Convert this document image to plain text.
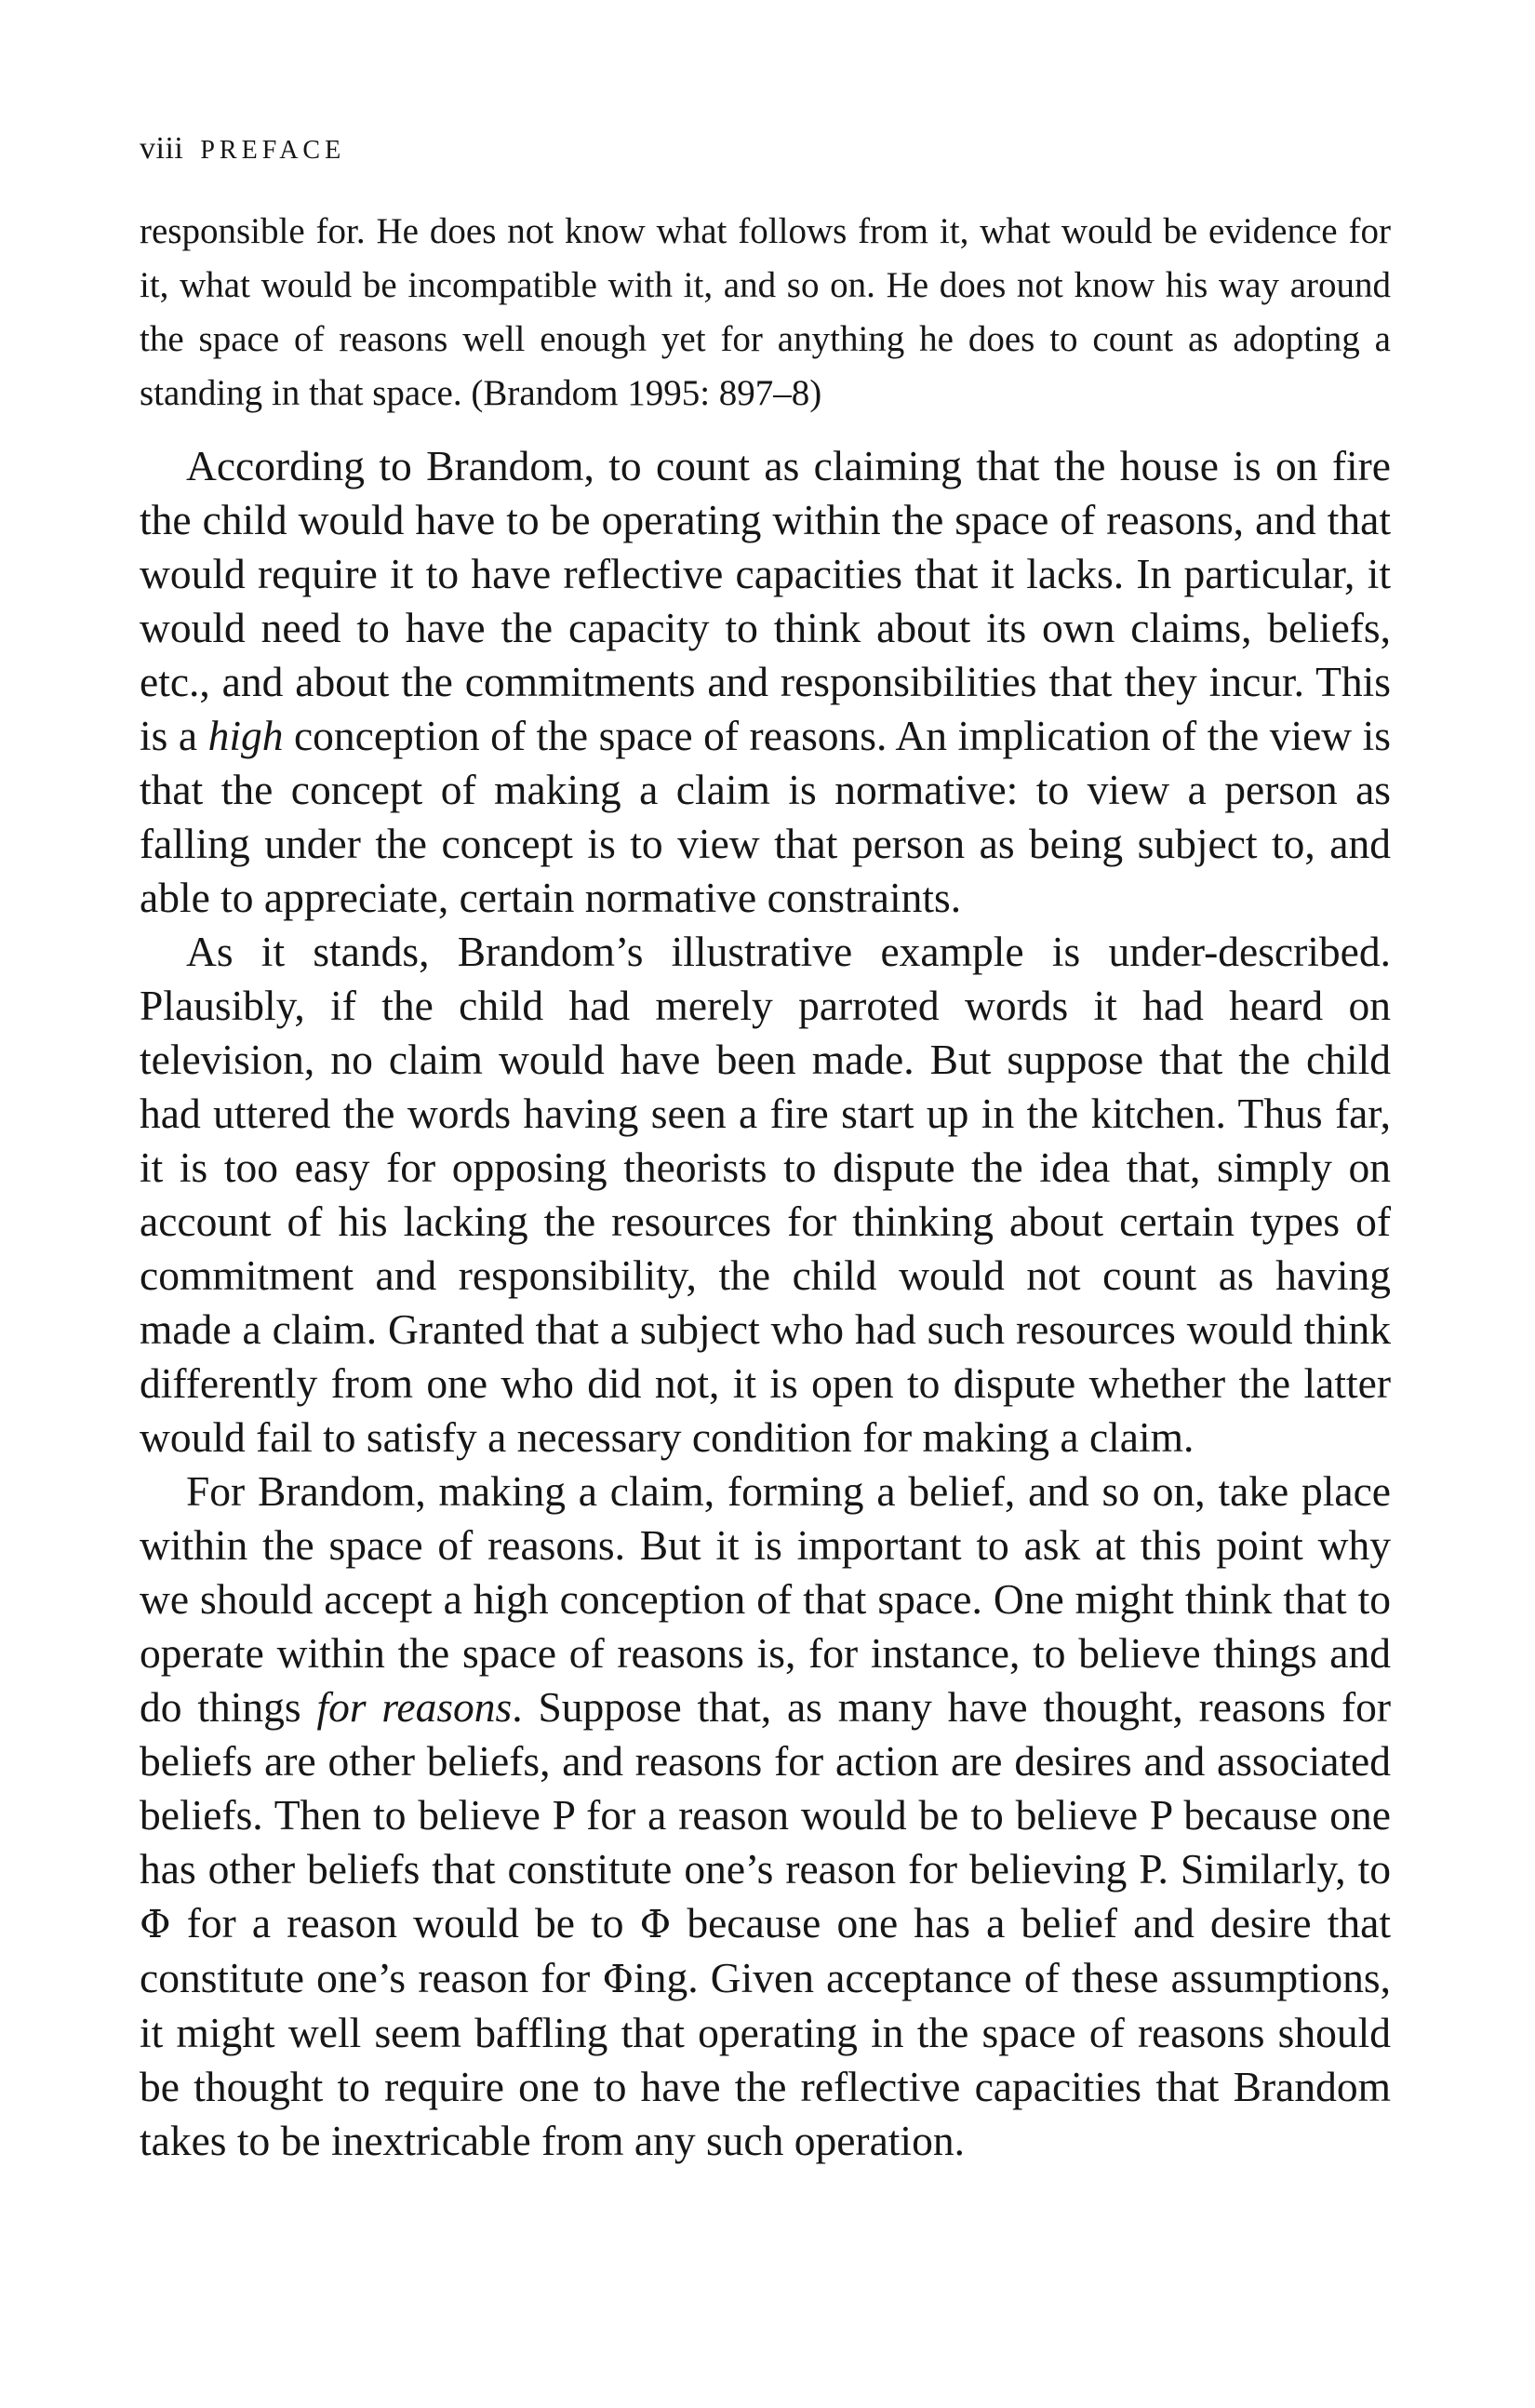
viii PREFACE

responsible for. He does not know what follows from it, what would be evidence for it, what would be incompatible with it, and so on. He does not know his way around the space of reasons well enough yet for anything he does to count as adopting a standing in that space. (Brandom 1995: 897–8)

According to Brandom, to count as claiming that the house is on fire the child would have to be operating within the space of reasons, and that would require it to have reflective capacities that it lacks. In particular, it would need to have the capacity to think about its own claims, beliefs, etc., and about the commitments and responsibilities that they incur. This is a high conception of the space of reasons. An implication of the view is that the concept of making a claim is normative: to view a person as falling under the concept is to view that person as being subject to, and able to appreciate, certain normative constraints.

As it stands, Brandom’s illustrative example is under-described. Plausibly, if the child had merely parroted words it had heard on television, no claim would have been made. But suppose that the child had uttered the words having seen a fire start up in the kitchen. Thus far, it is too easy for opposing theorists to dispute the idea that, simply on account of his lacking the resources for thinking about certain types of commitment and responsibility, the child would not count as having made a claim. Granted that a subject who had such resources would think differently from one who did not, it is open to dispute whether the latter would fail to satisfy a necessary condition for making a claim.

For Brandom, making a claim, forming a belief, and so on, take place within the space of reasons. But it is important to ask at this point why we should accept a high conception of that space. One might think that to operate within the space of reasons is, for instance, to believe things and do things for reasons. Suppose that, as many have thought, reasons for beliefs are other beliefs, and reasons for action are desires and associated beliefs. Then to believe P for a reason would be to believe P because one has other beliefs that constitute one’s reason for believing P. Similarly, to Φ for a reason would be to Φ because one has a belief and desire that constitute one’s reason for Φing. Given acceptance of these assumptions, it might well seem baffling that operating in the space of reasons should be thought to require one to have the reflective capacities that Brandom takes to be inextricable from any such operation.
